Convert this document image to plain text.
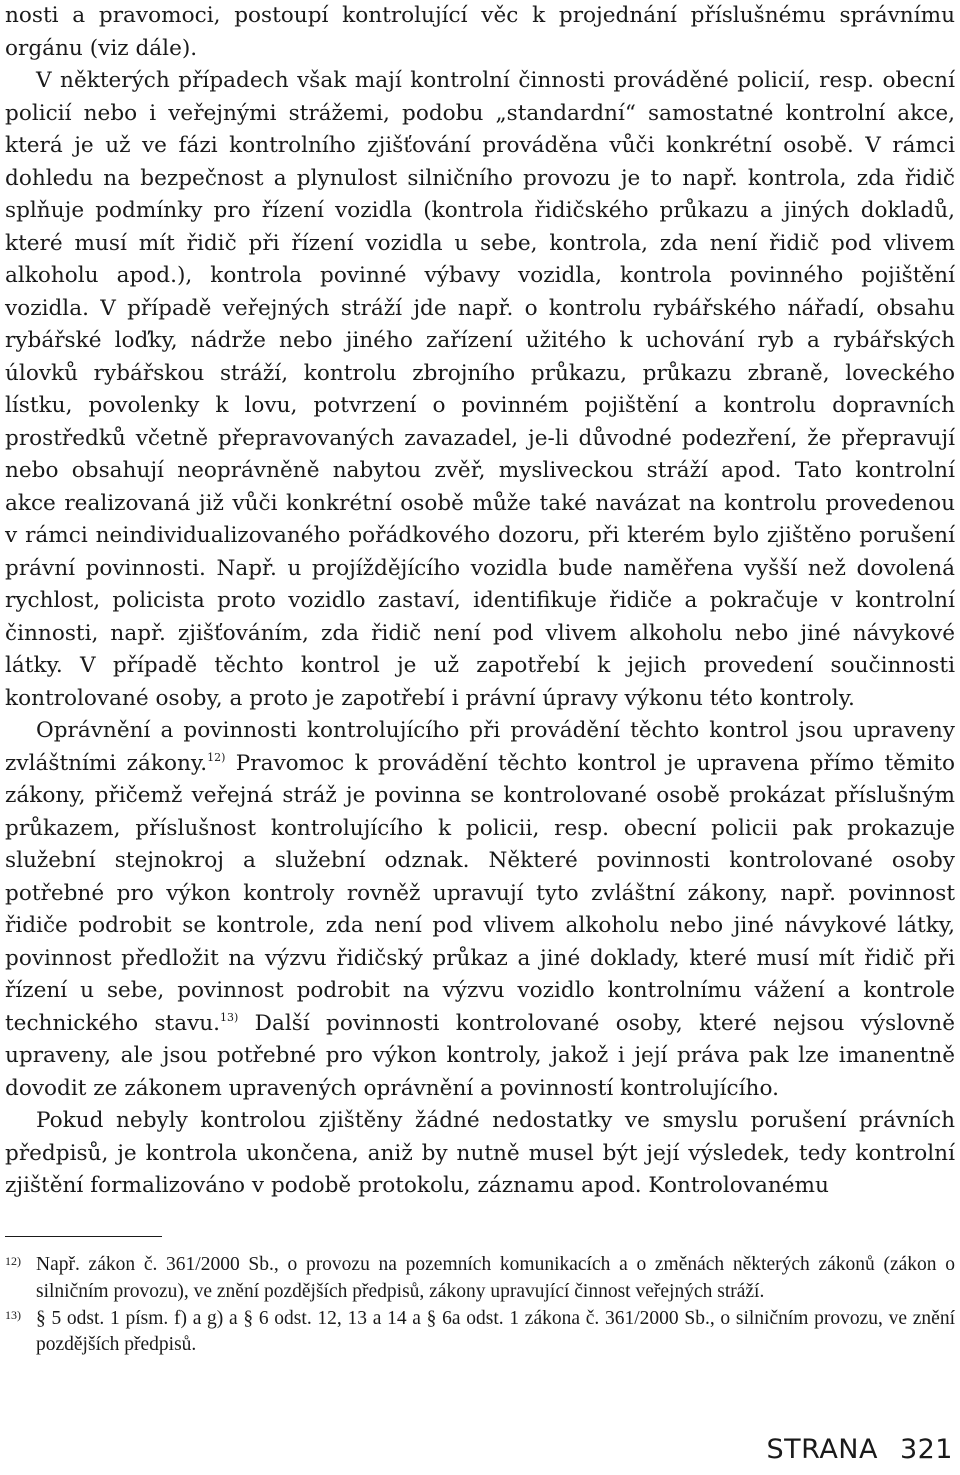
nosti a pravomoci, postoupí kontrolující věc k projednání příslušnému správnímu orgánu (viz dále).

V některých případech však mají kontrolní činnosti prováděné policií, resp. obecní policií nebo i veřejnými strážemi, podobu „standardní“ samostatné kontrolní akce, která je už ve fázi kontrolního zjišťování prováděna vůči konkrétní osobě. V rámci dohledu na bezpečnost a plynulost silničního provozu je to např. kontrola, zda řidič splňuje podmínky pro řízení vozidla (kontrola řidičského průkazu a jiných dokladů, které musí mít řidič při řízení vozidla u sebe, kontrola, zda není řidič pod vlivem alkoholu apod.), kontrola povinné výbavy vozidla, kontrola povinného pojištění vozidla. V případě veřejných stráží jde např. o kontrolu rybářského nářadí, obsahu rybářské loďky, nádrže nebo jiného zařízení užitého k uchování ryb a rybářských úlovků rybářskou stráží, kontrolu zbrojního průkazu, průkazu zbraně, loveckého lístku, povolenky k lovu, potvrzení o povinném pojištění a kontrolu dopravních prostředků včetně přepravovaných zavazadel, je-li důvodné podezření, že přepravují nebo obsahují neoprávněně nabytou zvěř, mysliveckou stráží apod. Tato kontrolní akce realizovaná již vůči konkrétní osobě může také navázat na kontrolu provedenou v rámci neindividualizovaného pořádkového dozoru, při kterém bylo zjištěno porušení právní povinnosti. Např. u projíždějícího vozidla bude naměřena vyšší než dovolená rychlost, policista proto vozidlo zastaví, identifikuje řidiče a pokračuje v kontrolní činnosti, např. zjišťováním, zda řidič není pod vlivem alkoholu nebo jiné návykové látky. V případě těchto kontrol je už zapotřebí k jejich provedení součinnosti kontrolované osoby, a proto je zapotřebí i právní úpravy výkonu této kontroly.

Oprávnění a povinnosti kontrolujícího při provádění těchto kontrol jsou upraveny zvláštními zákony.$^{12)}$ Pravomoc k provádění těchto kontrol je upravena přímo těmito zákony, přičemž veřejná stráž je povinna se kontrolované osobě prokázat příslušným průkazem, příslušnost kontrolujícího k policii, resp. obecní policii pak prokazuje služební stejnokroj a služební odznak. Některé povinnosti kontrolované osoby potřebné pro výkon kontroly rovněž upravují tyto zvláštní zákony, např. povinnost řidiče podrobit se kontrole, zda není pod vlivem alkoholu nebo jiné návykové látky, povinnost předložit na výzvu řidičský průkaz a jiné doklady, které musí mít řidič při řízení u sebe, povinnost podrobit na výzvu vozidlo kontrolnímu vážení a kontrole technického stavu.$^{13)}$ Další povinnosti kontrolované osoby, které nejsou výslovně upraveny, ale jsou potřebné pro výkon kontroly, jakož i její práva pak lze imanentně dovodit ze zákonem upravených oprávnění a povinností kontrolujícího.

Pokud nebyly kontrolou zjištěny žádné nedostatky ve smyslu porušení právních předpisů, je kontrola ukončena, aniž by nutně musel být její výsledek, tedy kontrolní zjištění formalizováno v podobě protokolu, záznamu apod. Kontrolovanému

12) Např. zákon č. 361/2000 Sb., o provozu na pozemních komunikacích a o změnách některých zákonů (zákon o silničním provozu), ve znění pozdějších předpisů, zákony upravující činnost veřejných stráží.
13) § 5 odst. 1 písm. f) a g) a § 6 odst. 12, 13 a 14 a § 6a odst. 1 zákona č. 361/2000 Sb., o silničním provozu, ve znění pozdějších předpisů.
STRANA 321
